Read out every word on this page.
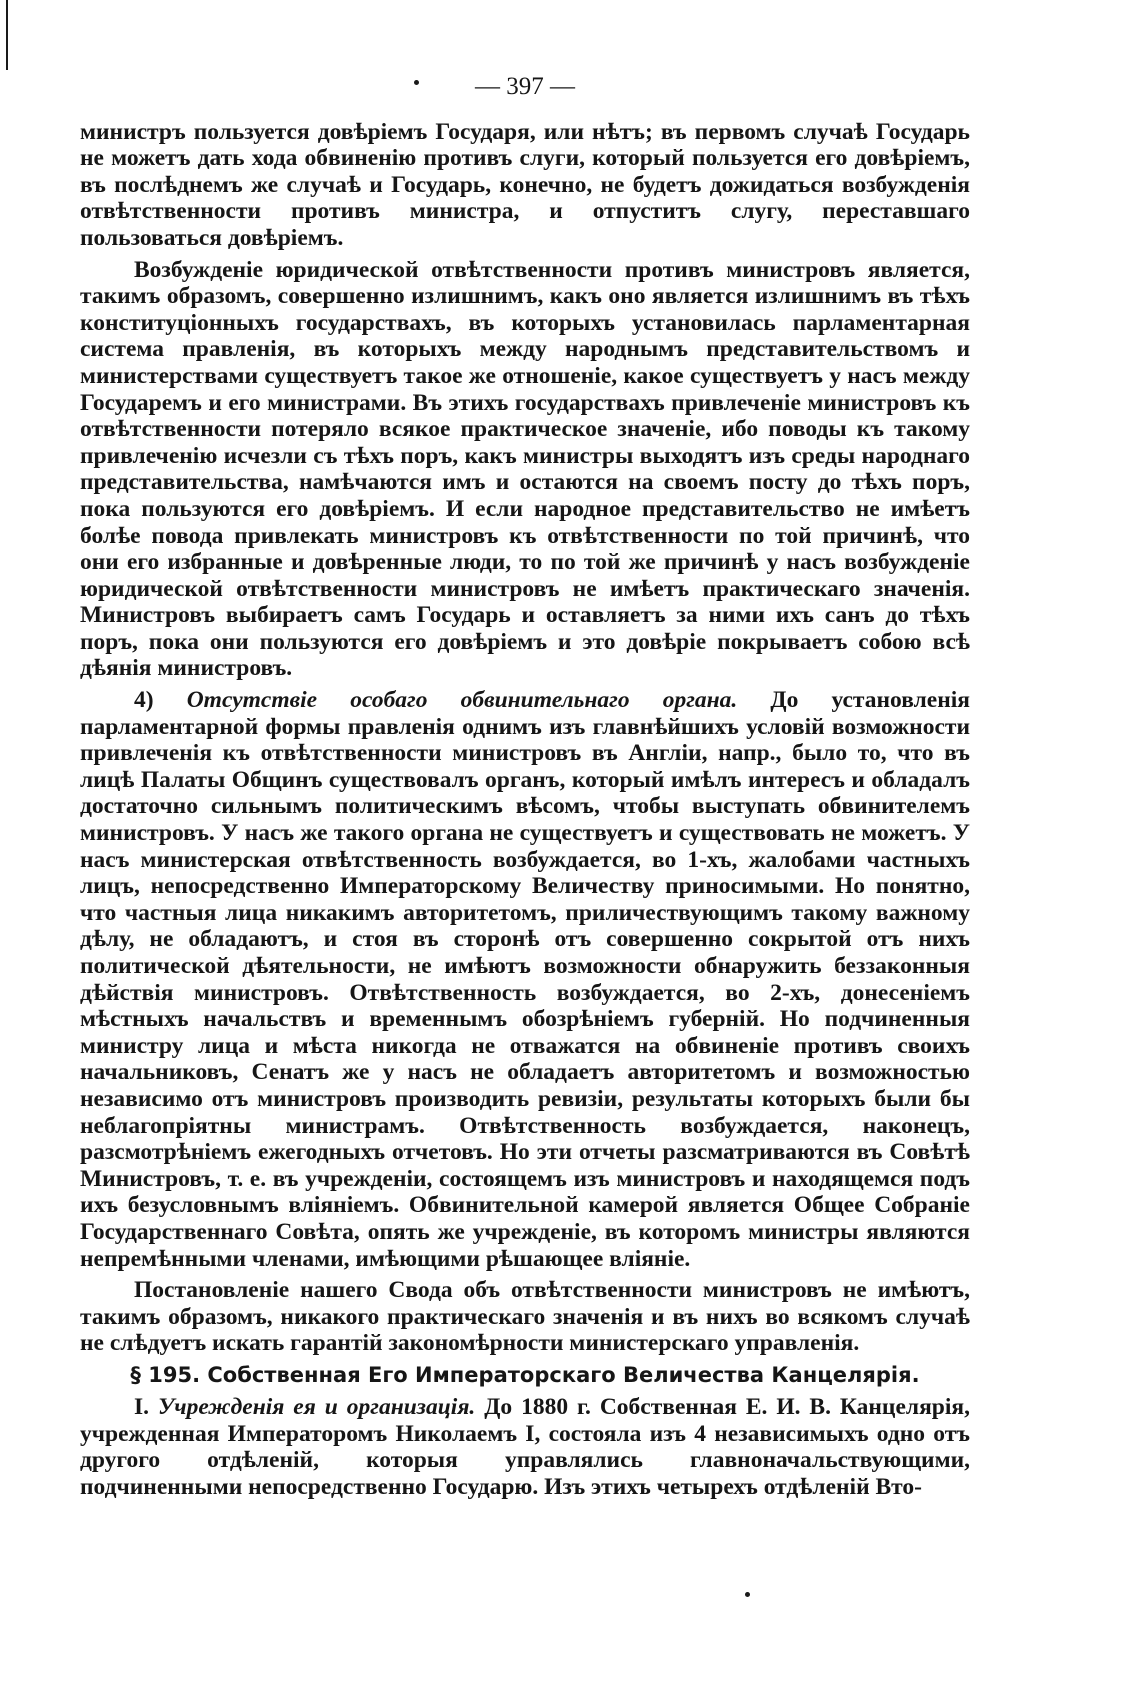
— 397 —

министръ пользуется довѣріемъ Государя, или нѣтъ; въ первомъ случаѣ Государь не можетъ дать хода обвиненію противъ слуги, который пользуется его довѣріемъ, въ послѣднемъ же случаѣ и Государь, конечно, не будетъ дожидаться возбужденія отвѣтственности противъ министра, и отпуститъ слугу, переставшаго пользоваться довѣріемъ.

Возбужденіе юридической отвѣтственности противъ министровъ является, такимъ образомъ, совершенно излишнимъ, какъ оно является излишнимъ въ тѣхъ конституціонныхъ государствахъ, въ которыхъ установилась парламентарная система правленія, въ которыхъ между народнымъ представительствомъ и министерствами существуетъ такое же отношеніе, какое существуетъ у насъ между Государемъ и его министрами. Въ этихъ государствахъ привлеченіе министровъ къ отвѣтственности потеряло всякое практическое значеніе, ибо поводы къ такому привлеченію исчезли съ тѣхъ поръ, какъ министры выходятъ изъ среды народнаго представительства, намѣчаются имъ и остаются на своемъ посту до тѣхъ поръ, пока пользуются его довѣріемъ. И если народное представительство не имѣетъ болѣе повода привлекать министровъ къ отвѣтственности по той причинѣ, что они его избранные и довѣренные люди, то по той же причинѣ у насъ возбужденіе юридической отвѣтственности министровъ не имѣетъ практическаго значенія. Министровъ выбираетъ самъ Государь и оставляетъ за ними ихъ санъ до тѣхъ поръ, пока они пользуются его довѣріемъ и это довѣріе покрываетъ собою всѣ дѣянія министровъ.

4) Отсутствіе особаго обвинительнаго органа. До установленія парламентарной формы правленія однимъ изъ главнѣйшихъ условій возможности привлеченія къ отвѣтственности министровъ въ Англіи, напр., было то, что въ лицѣ Палаты Общинъ существовалъ органъ, который имѣлъ интересъ и обладалъ достаточно сильнымъ политическимъ вѣсомъ, чтобы выступать обвинителемъ министровъ. У насъ же такого органа не существуетъ и существовать не можетъ. У насъ министерская отвѣтственность возбуждается, во 1-хъ, жалобами частныхъ лицъ, непосредственно Императорскому Величеству приносимыми. Но понятно, что частныя лица никакимъ авторитетомъ, приличествующимъ такому важному дѣлу, не обладаютъ, и стоя въ сторонѣ отъ совершенно сокрытой отъ нихъ политической дѣятельности, не имѣютъ возможности обнаружить беззаконныя дѣйствія министровъ. Отвѣтственность возбуждается, во 2-хъ, донесеніемъ мѣстныхъ начальствъ и временнымъ обозрѣніемъ губерній. Но подчиненныя министру лица и мѣста никогда не отважатся на обвиненіе противъ своихъ начальниковъ, Сенатъ же у насъ не обладаетъ авторитетомъ и возможностью независимо отъ министровъ производить ревизіи, результаты которыхъ были бы неблагопріятны министрамъ. Отвѣтственность возбуждается, наконецъ, разсмотрѣніемъ ежегодныхъ отчетовъ. Но эти отчеты разсматриваются въ Совѣтѣ Министровъ, т. е. въ учрежденіи, состоящемъ изъ министровъ и находящемся подъ ихъ безусловнымъ вліяніемъ. Обвинительной камерой является Общее Собраніе Государственнаго Совѣта, опять же учрежденіе, въ которомъ министры являются непремѣнными членами, имѣющими рѣшающее вліяніе.

Постановленіе нашего Свода объ отвѣтственности министровъ не имѣютъ, такимъ образомъ, никакого практическаго значенія и въ нихъ во всякомъ случаѣ не слѣдуетъ искать гарантій закономѣрности министерскаго управленія.

§ 195. Собственная Его Императорскаго Величества Канцелярія.

I. Учрежденія ея и организація. До 1880 г. Собственная Е. И. В. Канцелярія, учрежденная Императоромъ Николаемъ I, состояла изъ 4 независимыхъ одно отъ другого отдѣленій, которыя управлялись главноначальствующими, подчиненными непосредственно Государю. Изъ этихъ четырехъ отдѣленій Вто-
